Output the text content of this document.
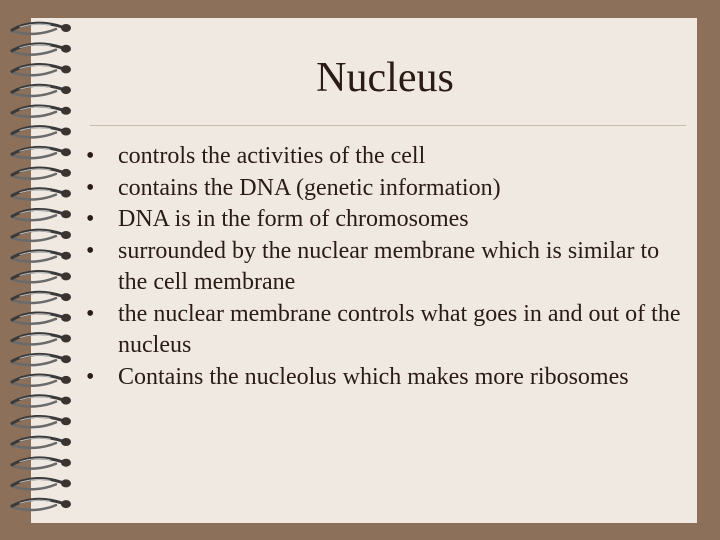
Nucleus
• controls the activities of the cell
• contains the DNA (genetic information)
• DNA is in the form of chromosomes
• surrounded by the nuclear membrane which is similar to the cell membrane
• the nuclear membrane controls what goes in and out of the nucleus
• Contains the nucleolus which makes more ribosomes
